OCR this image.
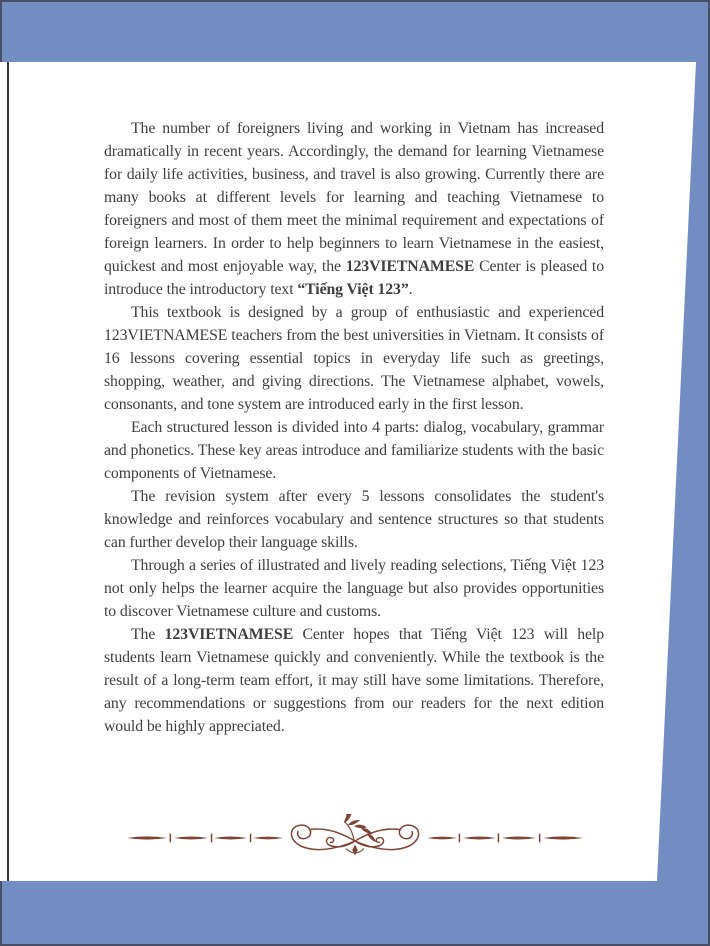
The number of foreigners living and working in Vietnam has increased dramatically in recent years. Accordingly, the demand for learning Vietnamese for daily life activities, business, and travel is also growing. Currently there are many books at different levels for learning and teaching Vietnamese to foreigners and most of them meet the minimal requirement and expectations of foreign learners. In order to help beginners to learn Vietnamese in the easiest, quickest and most enjoyable way, the 123VIETNAMESE Center is pleased to introduce the introductory text “Tiếng Việt 123”.

This textbook is designed by a group of enthusiastic and experienced 123VIETNAMESE teachers from the best universities in Vietnam. It consists of 16 lessons covering essential topics in everyday life such as greetings, shopping, weather, and giving directions. The Vietnamese alphabet, vowels, consonants, and tone system are introduced early in the first lesson.

Each structured lesson is divided into 4 parts: dialog, vocabulary, grammar and phonetics. These key areas introduce and familiarize students with the basic components of Vietnamese.

The revision system after every 5 lessons consolidates the student's knowledge and reinforces vocabulary and sentence structures so that students can further develop their language skills.

Through a series of illustrated and lively reading selections, Tiếng Việt 123 not only helps the learner acquire the language but also provides opportunities to discover Vietnamese culture and customs.

The 123VIETNAMESE Center hopes that Tiếng Việt 123 will help students learn Vietnamese quickly and conveniently. While the textbook is the result of a long-term team effort, it may still have some limitations. Therefore, any recommendations or suggestions from our readers for the next edition would be highly appreciated.
